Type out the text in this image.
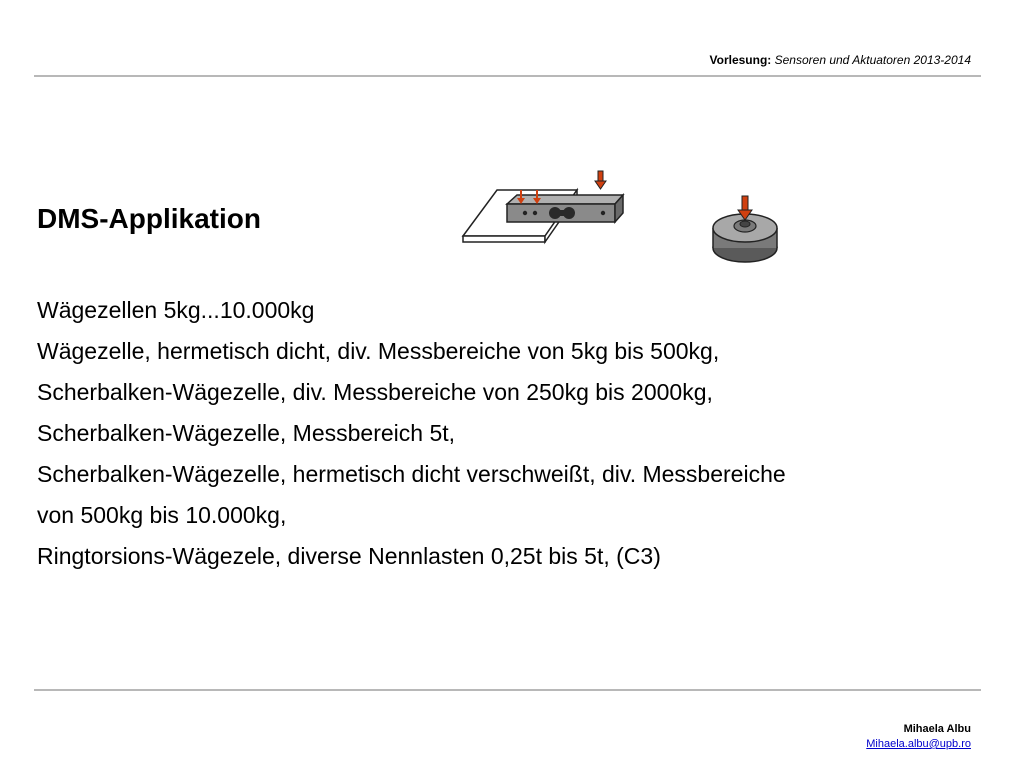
Vorlesung: Sensoren und Aktuatoren 2013-2014
DMS-Applikation
Wägezellen 5kg...10.000kg
Wägezelle, hermetisch dicht, div. Messbereiche von 5kg bis 500kg,
Scherbalken-Wägezelle, div. Messbereiche von 250kg bis 2000kg,
Scherbalken-Wägezelle, Messbereich 5t,
Scherbalken-Wägezelle, hermetisch dicht verschweißt, div. Messbereiche
von 500kg bis 10.000kg,
Ringtorsions-Wägezele, diverse Nennlasten 0,25t bis 5t, (C3)
Mihaela Albu
Mihaela.albu@upb.ro
